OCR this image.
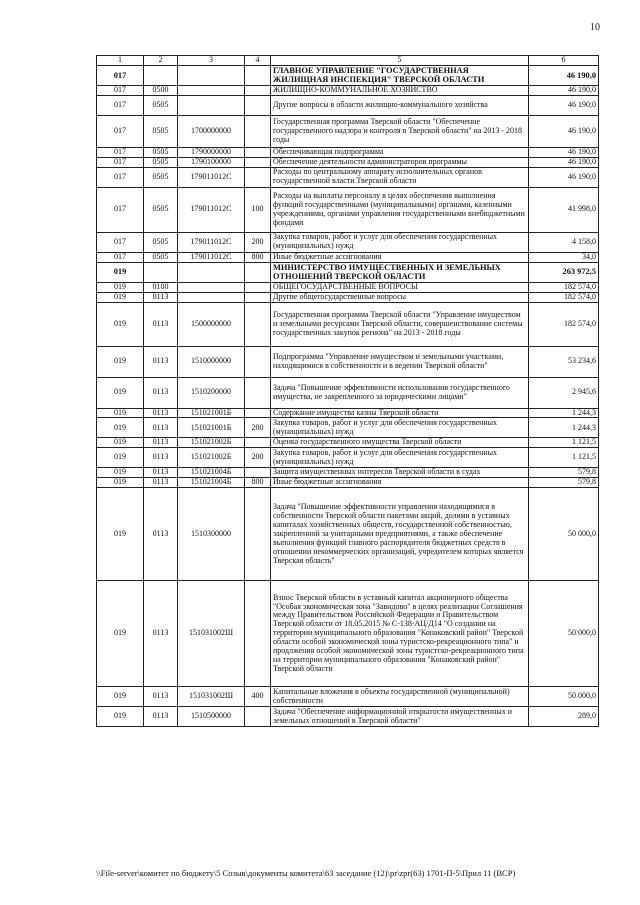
10
1	2	3	4	5	6
017				ГЛАВНОЕ УПРАВЛЕНИЕ "ГОСУДАРСТВЕННАЯ ЖИЛИЩНАЯ ИНСПЕКЦИЯ" ТВЕРСКОЙ ОБЛАСТИ	46 190,0
017	0500			ЖИЛИЩНО-КОММУНАЛЬНОЕ ХОЗЯЙСТВО	46 190,0
017	0505			Другие вопросы в области жилищно-коммунального хозяйства	46 190,0
017	0505	1700000000		Государственная программа Тверской области "Обеспечение государственного надзора и контроля в Тверской области" на 2013 - 2018 годы	46 190,0
017	0505	1790000000		Обеспечивающая подпрограмма	46 190,0
017	0505	1790100000		Обеспечение деятельности администраторов программы	46 190,0
017	0505	179011012С		Расходы по центральному аппарату исполнительных органов государственной власти Тверской области	46 190,0
017	0505	179011012С	100	Расходы на выплаты персоналу в целях обеспечения выполнения функций государственными (муниципальными) органами, казенными учреждениями, органами управления государственными внебюджетными фондами	41 998,0
017	0505	179011012С	200	Закупка товаров, работ и услуг для обеспечения государственных (муниципальных) нужд	4 158,0
017	0505	179011012С	800	Иные бюджетные ассигнования	34,0
019				МИНИСТЕРСТВО ИМУЩЕСТВЕННЫХ И ЗЕМЕЛЬНЫХ ОТНОШЕНИЙ ТВЕРСКОЙ ОБЛАСТИ	263 972,5
019	0100			ОБЩЕГОСУДАРСТВЕННЫЕ ВОПРОСЫ	182 574,0
019	0113			Другие общегосударственные вопросы	182 574,0
019	0113	1500000000		Государственная программа Тверской области "Управление имуществом и земельными ресурсами Тверской области, совершенствование системы государственных закупок региона" на 2013 - 2018 годы	182 574,0
019	0113	1510000000		Подпрограмма "Управление имуществом и земельными участками, находящимися в собственности и в ведении Тверской области"	53 234,6
019	0113	1510200000		Задача "Повышение эффективности использования государственного имущества, не закрепленного за юридическими лицами"	2 945,6
019	0113	151021001Б		Содержание имущества казны Тверской области	1 244,3
019	0113	151021001Б	200	Закупка товаров, работ и услуг для обеспечения государственных (муниципальных) нужд	1 244,3
019	0113	151021002Б		Оценка государственного имущества Тверской области	1 121,5
019	0113	151021002Б	200	Закупка товаров, работ и услуг для обеспечения государственных (муниципальных) нужд	1 121,5
019	0113	151021004Б		Защита имущественных интересов Тверской области в судах	579,8
019	0113	151021004Б	800	Иные бюджетные ассигнования	579,8
019	0113	1510300000		Задача "Повышение эффективности управления находящимися в собственности Тверской области пакетами акций, долями в уставных капиталах хозяйственных обществ, государственной собственностью, закрепленной за унитарными предприятиями, а также обеспечение выполнения функций главного распорядителя бюджетных средств в отношении некоммерческих организаций, учредителем которых является Тверская область"	50 000,0
019	0113	151031002Ш		Взнос Тверской области в уставный капитал акционерного общества "Особая экономическая зона "Завидово" в целях реализации Соглашения между Правительством Российской Федерации и Правительством Тверской области от 18.05.2015 № С-138-АЦ/Д14 "О создании на территории муниципального образования "Конаковский район" Тверской области особой экономической зоны туристско-рекреационного типа" и продлжения особой экономической зоны туристско-рекреационного типа на территории муниципального образования "Конаковский район" Тверской области	50 000,0
019	0113	151031002Ш	400	Капитальные вложения в объекты государственной (муниципальной) собственности	50 000,0
019	0113	1510500000		Задача "Обеспечение информационной открытости имущественных и земельных отношений в Тверской области"	289,0
\\File-server\комитет по бюджету\5 Созыв\документы комитета\63 заседание (12)\pr\zpr(63) 1701-П-5\Прил 11 (ВСР)
